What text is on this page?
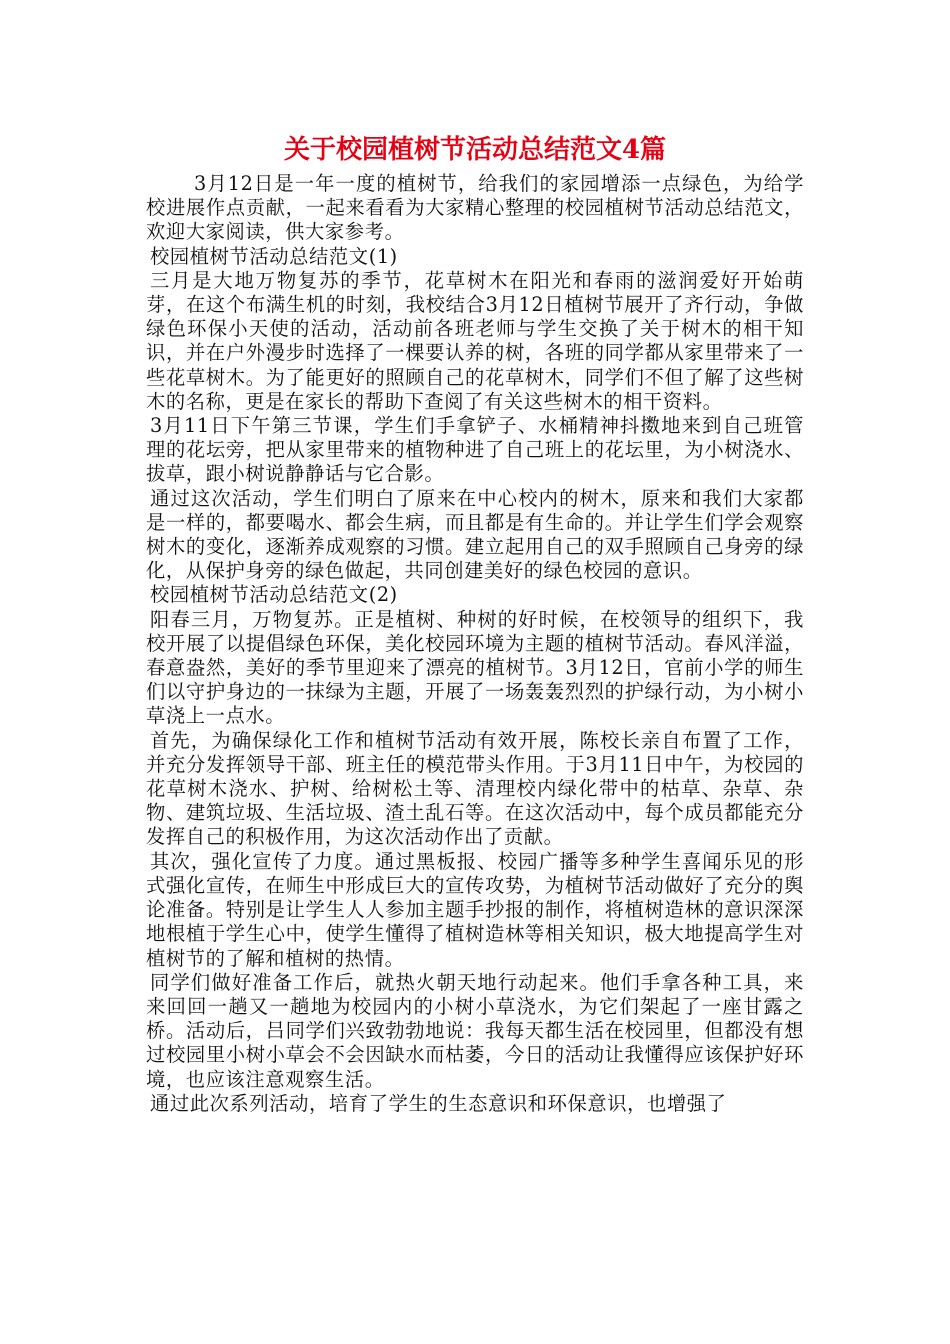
关于校园植树节活动总结范文4篇

3月12日是一年一度的植树节，给我们的家园增添一点绿色，为给学校进展作点贡献，一起来看看为大家精心整理的校园植树节活动总结范文，欢迎大家阅读，供大家参考。

校园植树节活动总结范文(1)

三月是大地万物复苏的季节，花草树木在阳光和春雨的滋润爱好开始萌芽，在这个布满生机的时刻，我校结合3月12日植树节展开了齐行动，争做绿色环保小天使的活动，活动前各班老师与学生交换了关于树木的相干知识，并在户外漫步时选择了一棵要认养的树，各班的同学都从家里带来了一些花草树木。为了能更好的照顾自己的花草树木，同学们不但了解了这些树木的名称，更是在家长的帮助下查阅了有关这些树木的相干资料。

3月11日下午第三节课，学生们手拿铲子、水桶精神抖擞地来到自己班管理的花坛旁，把从家里带来的植物种进了自己班上的花坛里，为小树浇水、拔草，跟小树说静静话与它合影。

通过这次活动，学生们明白了原来在中心校内的树木，原来和我们大家都是一样的，都要喝水、都会生病，而且都是有生命的。并让学生们学会观察树木的变化，逐渐养成观察的习惯。建立起用自己的双手照顾自己身旁的绿化，从保护身旁的绿色做起，共同创建美好的绿色校园的意识。

校园植树节活动总结范文(2)

阳春三月，万物复苏。正是植树、种树的好时候，在校领导的组织下，我校开展了以提倡绿色环保，美化校园环境为主题的植树节活动。春风洋溢，春意盎然，美好的季节里迎来了漂亮的植树节。3月12日，官前小学的师生们以守护身边的一抹绿为主题，开展了一场轰轰烈烈的护绿行动，为小树小草浇上一点水。

首先，为确保绿化工作和植树节活动有效开展，陈校长亲自布置了工作，并充分发挥领导干部、班主任的模范带头作用。于3月11日中午，为校园的花草树木浇水、护树、给树松土等、清理校内绿化带中的枯草、杂草、杂物、建筑垃圾、生活垃圾、渣土乱石等。在这次活动中，每个成员都能充分发挥自己的积极作用，为这次活动作出了贡献。

其次，强化宣传了力度。通过黑板报、校园广播等多种学生喜闻乐见的形式强化宣传，在师生中形成巨大的宣传攻势，为植树节活动做好了充分的舆论准备。特别是让学生人人参加主题手抄报的制作，将植树造林的意识深深地根植于学生心中，使学生懂得了植树造林等相关知识，极大地提高学生对植树节的了解和植树的热情。

同学们做好准备工作后，就热火朝天地行动起来。他们手拿各种工具，来来回回一趟又一趟地为校园内的小树小草浇水，为它们架起了一座甘露之桥。活动后，吕同学们兴致勃勃地说：我每天都生活在校园里，但都没有想过校园里小树小草会不会因缺水而枯萎，今日的活动让我懂得应该保护好环境，也应该注意观察生活。

通过此次系列活动，培育了学生的生态意识和环保意识，也增强了
